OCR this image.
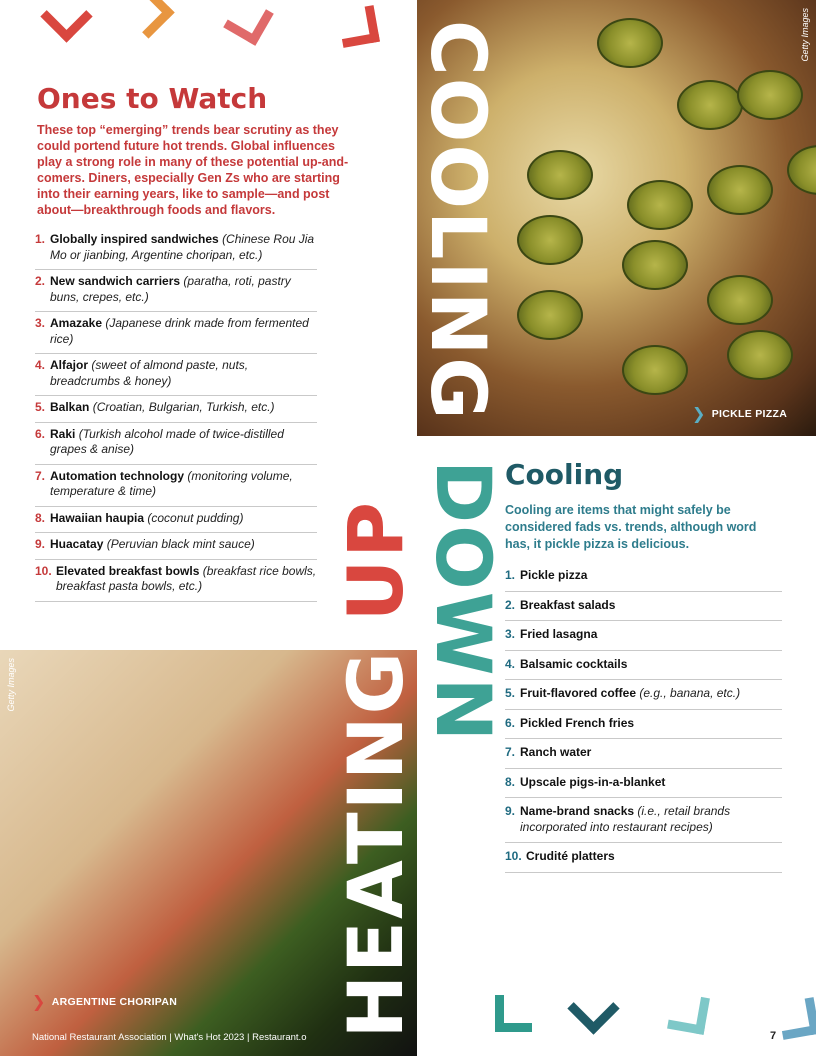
Getty Images
❯ PICKLE PIZZA
Getty Images
❯ ARGENTINE CHORIPAN
COOLING
DOWN
UP
HEATING
Ones to Watch

These top “emerging” trends bear scrutiny as they could portend future hot trends. Global influences play a strong role in many of these potential up-and-comers. Diners, especially Gen Zs who are starting into their earning years, like to sample—and post about—breakthrough foods and flavors.

1. Globally inspired sandwiches (Chinese Rou Jia Mo or jianbing, Argentine choripan, etc.)
2. New sandwich carriers (paratha, roti, pastry buns, crepes, etc.)
3. Amazake (Japanese drink made from fermented rice)
4. Alfajor (sweet of almond paste, nuts, breadcrumbs & honey)
5. Balkan (Croatian, Bulgarian, Turkish, etc.)
6. Raki (Turkish alcohol made of twice-distilled grapes & anise)
7. Automation technology (monitoring volume, temperature & time)
8. Hawaiian haupia (coconut pudding)
9. Huacatay (Peruvian black mint sauce)
10. Elevated breakfast bowls (breakfast rice bowls, breakfast pasta bowls, etc.)
Cooling

Cooling are items that might safely be considered fads vs. trends, although word has, it pickle pizza is delicious.

1. Pickle pizza
2. Breakfast salads
3. Fried lasagna
4. Balsamic cocktails
5. Fruit-flavored coffee (e.g., banana, etc.)
6. Pickled French fries
7. Ranch water
8. Upscale pigs-in-a-blanket
9. Name-brand snacks (i.e., retail brands incorporated into restaurant recipes)
10. Crudité platters
National Restaurant Association | What's Hot 2023 | Restaurant.o	7
